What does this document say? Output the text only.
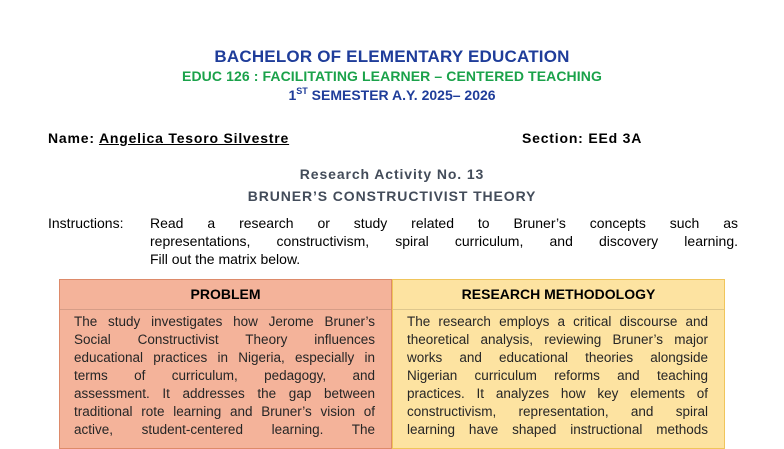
BACHELOR OF ELEMENTARY EDUCATION
EDUC 126 : FACILITATING LEARNER – CENTERED TEACHING
1ST SEMESTER A.Y. 2025– 2026
Name: Angelica Tesoro Silvestre	Section: EEd 3A
Research Activity No. 13
BRUNER’S CONSTRUCTIVIST THEORY
Instructions: Read a research or study related to Bruner’s concepts such as
representations, constructivism, spiral curriculum, and discovery learning.
Fill out the matrix below.
PROBLEM
The study investigates how Jerome Bruner’s
Social Constructivist Theory influences
educational practices in Nigeria, especially in
terms of curriculum, pedagogy, and
assessment. It addresses the gap between
traditional rote learning and Bruner’s vision of
active, student-centered learning. The
RESEARCH METHODOLOGY
The research employs a critical discourse and
theoretical analysis, reviewing Bruner’s major
works and educational theories alongside
Nigerian curriculum reforms and teaching
practices. It analyzes how key elements of
constructivism, representation, and spiral
learning have shaped instructional methods
